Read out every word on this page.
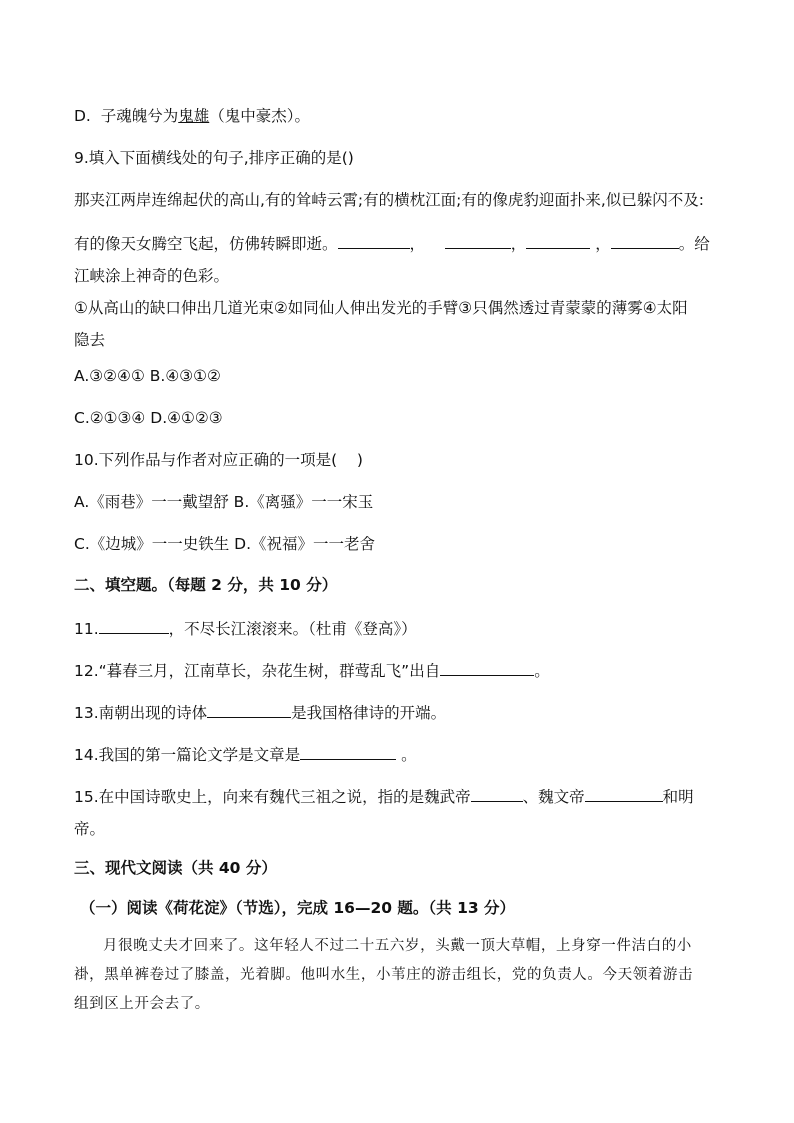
D.  子魂魄兮为鬼雄（鬼中豪杰）。
9.填入下面横线处的句子,排序正确的是()
那夹江两岸连绵起伏的高山,有的耸峙云霄;有的横枕江面;有的像虎豹迎面扑来,似已躲闪不及:
有的像天女腾空飞起，仿佛转瞬即逝。	，	，	，	。给
江峡涂上神奇的色彩。
①从高山的缺口伸出几道光束②如同仙人伸出发光的手臂③只偶然透过青蒙蒙的薄雾④太阳
隐去
A.③②④① B.④③①②
C.②①③④ D.④①②③
10.下列作品与作者对应正确的一项是(    )
A.《雨巷》一一戴望舒 B.《离骚》一一宋玉
C.《边城》一一史铁生 D.《祝福》一一老舍
二、填空题。（每题 2 分，共 10 分）
11.	，不尽长江滚滚来。（杜甫《登高》）
12.“暮春三月，江南草长，杂花生树，群莺乱飞”出自	。
13.南朝出现的诗体	是我国格律诗的开端。
14.我国的第一篇论文学是文章是	。
15.在中国诗歌史上，向来有魏代三祖之说，指的是魏武帝	、魏文帝	和明
帝。
三、现代文阅读（共 40 分）
（一）阅读《荷花淀》（节选），完成 16—20 题。（共 13 分）
月很晚丈夫才回来了。这年轻人不过二十五六岁，头戴一顶大草帽，上身穿一件洁白的小
褂，黑单裤卷过了膝盖，光着脚。他叫水生，小苇庄的游击组长，党的负责人。今天领着游击
组到区上开会去了。
